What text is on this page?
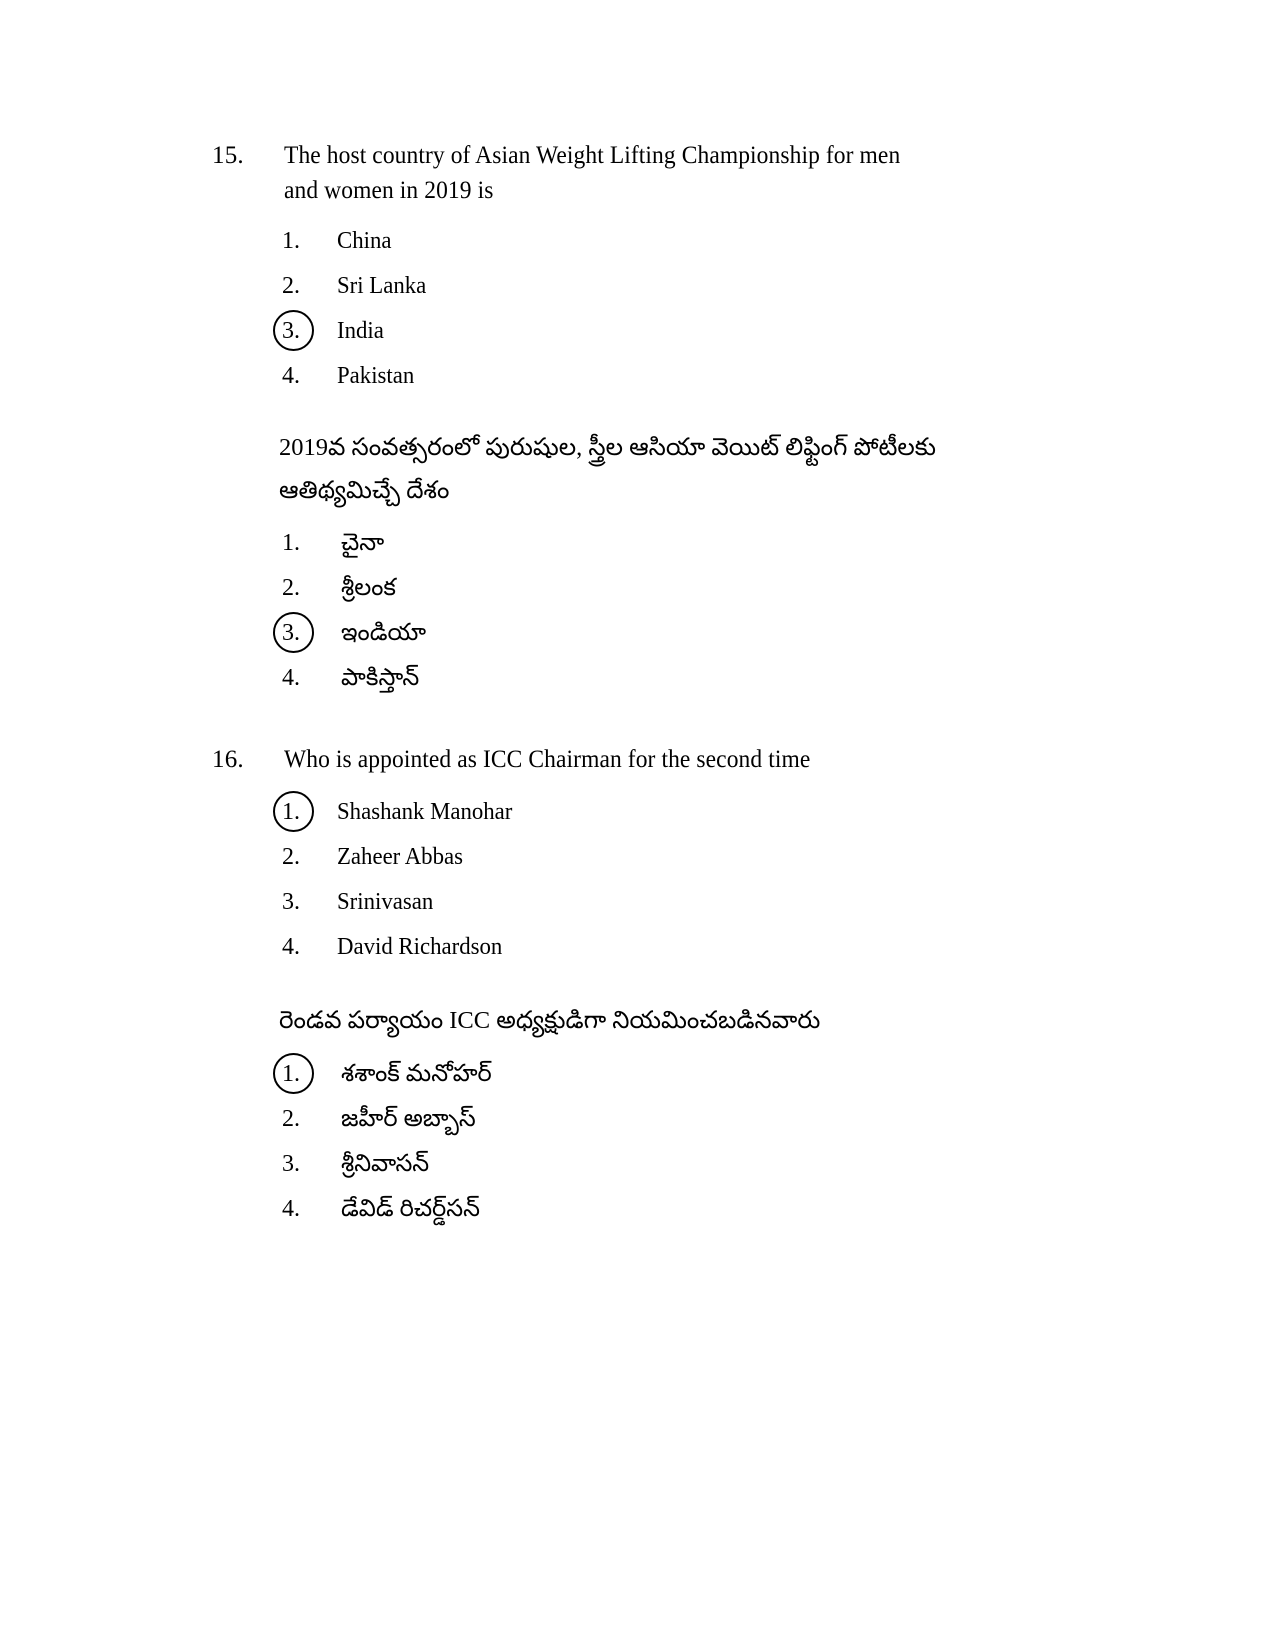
15.	The host country of Asian Weight Lifting Championship for men and women in 2019 is
1.	China
2.	Sri Lanka
3.	India
4.	Pakistan
2019వ సంవత్సరంలో పురుషుల, స్త్రీల ఆసియా వెయిట్ లిఫ్టింగ్ పోటీలకు
ఆతిథ్యమిచ్చే దేశం
1.	చైనా
2.	శ్రీలంక
3.	ఇండియా
4.	పాకిస్తాన్
16.	Who is appointed as ICC Chairman for the second time
1.	Shashank Manohar
2.	Zaheer Abbas
3.	Srinivasan
4.	David Richardson
రెండవ పర్యాయం ICC అధ్యక్షుడిగా నియమించబడినవారు
1.	శశాంక్ మనోహర్
2.	జహీర్ అబ్బాస్
3.	శ్రీనివాసన్
4.	డేవిడ్ రిచర్డ్‌సన్
